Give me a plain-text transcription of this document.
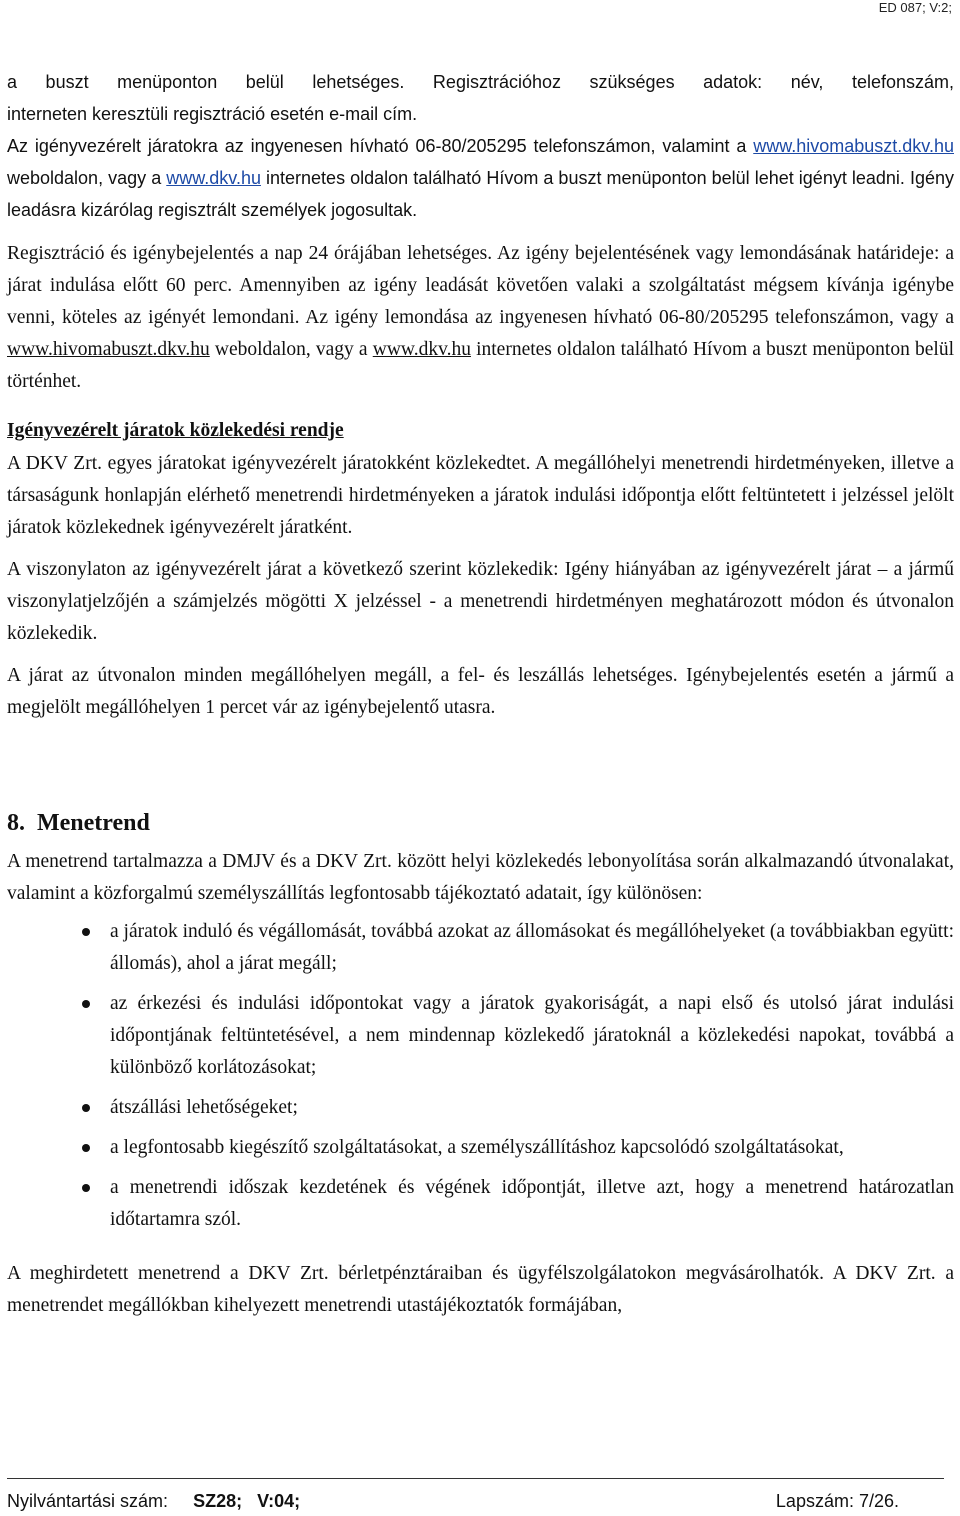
ED 087; V:2;

a buszt menüponton belül lehetséges. Regisztrációhoz szükséges adatok: név, telefonszám,

interneten keresztüli regisztráció esetén e-mail cím.

Az igényvezérelt járatokra az ingyenesen hívható 06-80/205295 telefonszámon, valamint a www.hivomabuszt.dkv.hu weboldalon, vagy a www.dkv.hu internetes oldalon található Hívom a buszt menüponton belül lehet igényt leadni. Igény leadásra kizárólag regisztrált személyek jogosultak.

Regisztráció és igénybejelentés a nap 24 órájában lehetséges. Az igény bejelentésének vagy lemondásának határideje: a járat indulása előtt 60 perc. Amennyiben az igény leadását követően valaki a szolgáltatást mégsem kívánja igénybe venni, köteles az igényét lemondani. Az igény lemondása az ingyenesen hívható 06-80/205295 telefonszámon, vagy a www.hivomabuszt.dkv.hu weboldalon, vagy a www.dkv.hu internetes oldalon található Hívom a buszt menüponton belül történhet.

Igényvezérelt járatok közlekedési rendje

A DKV Zrt. egyes járatokat igényvezérelt járatokként közlekedtet. A megállóhelyi menetrendi hirdetményeken, illetve a társaságunk honlapján elérhető menetrendi hirdetményeken a járatok indulási időpontja előtt feltüntetett i jelzéssel jelölt járatok közlekednek igényvezérelt járatként.

A viszonylaton az igényvezérelt járat a következő szerint közlekedik: Igény hiányában az igényvezérelt járat – a jármű viszonylatjelzőjén a számjelzés mögötti X jelzéssel - a menetrendi hirdetményen meghatározott módon és útvonalon közlekedik.

A járat az útvonalon minden megállóhelyen megáll, a fel- és leszállás lehetséges. Igénybejelentés esetén a jármű a megjelölt megállóhelyen 1 percet vár az igénybejelentő utasra.

8. Menetrend

A menetrend tartalmazza a DMJV és a DKV Zrt. között helyi közlekedés lebonyolítása során alkalmazandó útvonalakat, valamint a közforgalmú személyszállítás legfontosabb tájékoztató adatait, így különösen:

a járatok induló és végállomását, továbbá azokat az állomásokat és megállóhelyeket (a továbbiakban együtt: állomás), ahol a járat megáll;
az érkezési és indulási időpontokat vagy a járatok gyakoriságát, a napi első és utolsó járat indulási időpontjának feltüntetésével, a nem mindennap közlekedő járatoknál a közlekedési napokat, továbbá a különböző korlátozásokat;
átszállási lehetőségeket;
a legfontosabb kiegészítő szolgáltatásokat, a személyszállításhoz kapcsolódó szolgáltatásokat,
a menetrendi időszak kezdetének és végének időpontját, illetve azt, hogy a menetrend határozatlan időtartamra szól.

A meghirdetett menetrend a DKV Zrt. bérletpénztáraiban és ügyfélszolgálatokon megvásárolhatók. A DKV Zrt. a menetrendet megállókban kihelyezett menetrendi utastájékoztatók formájában,

Nyilvántartási szám: SZ28; V:04;	Lapszám: 7/26.
